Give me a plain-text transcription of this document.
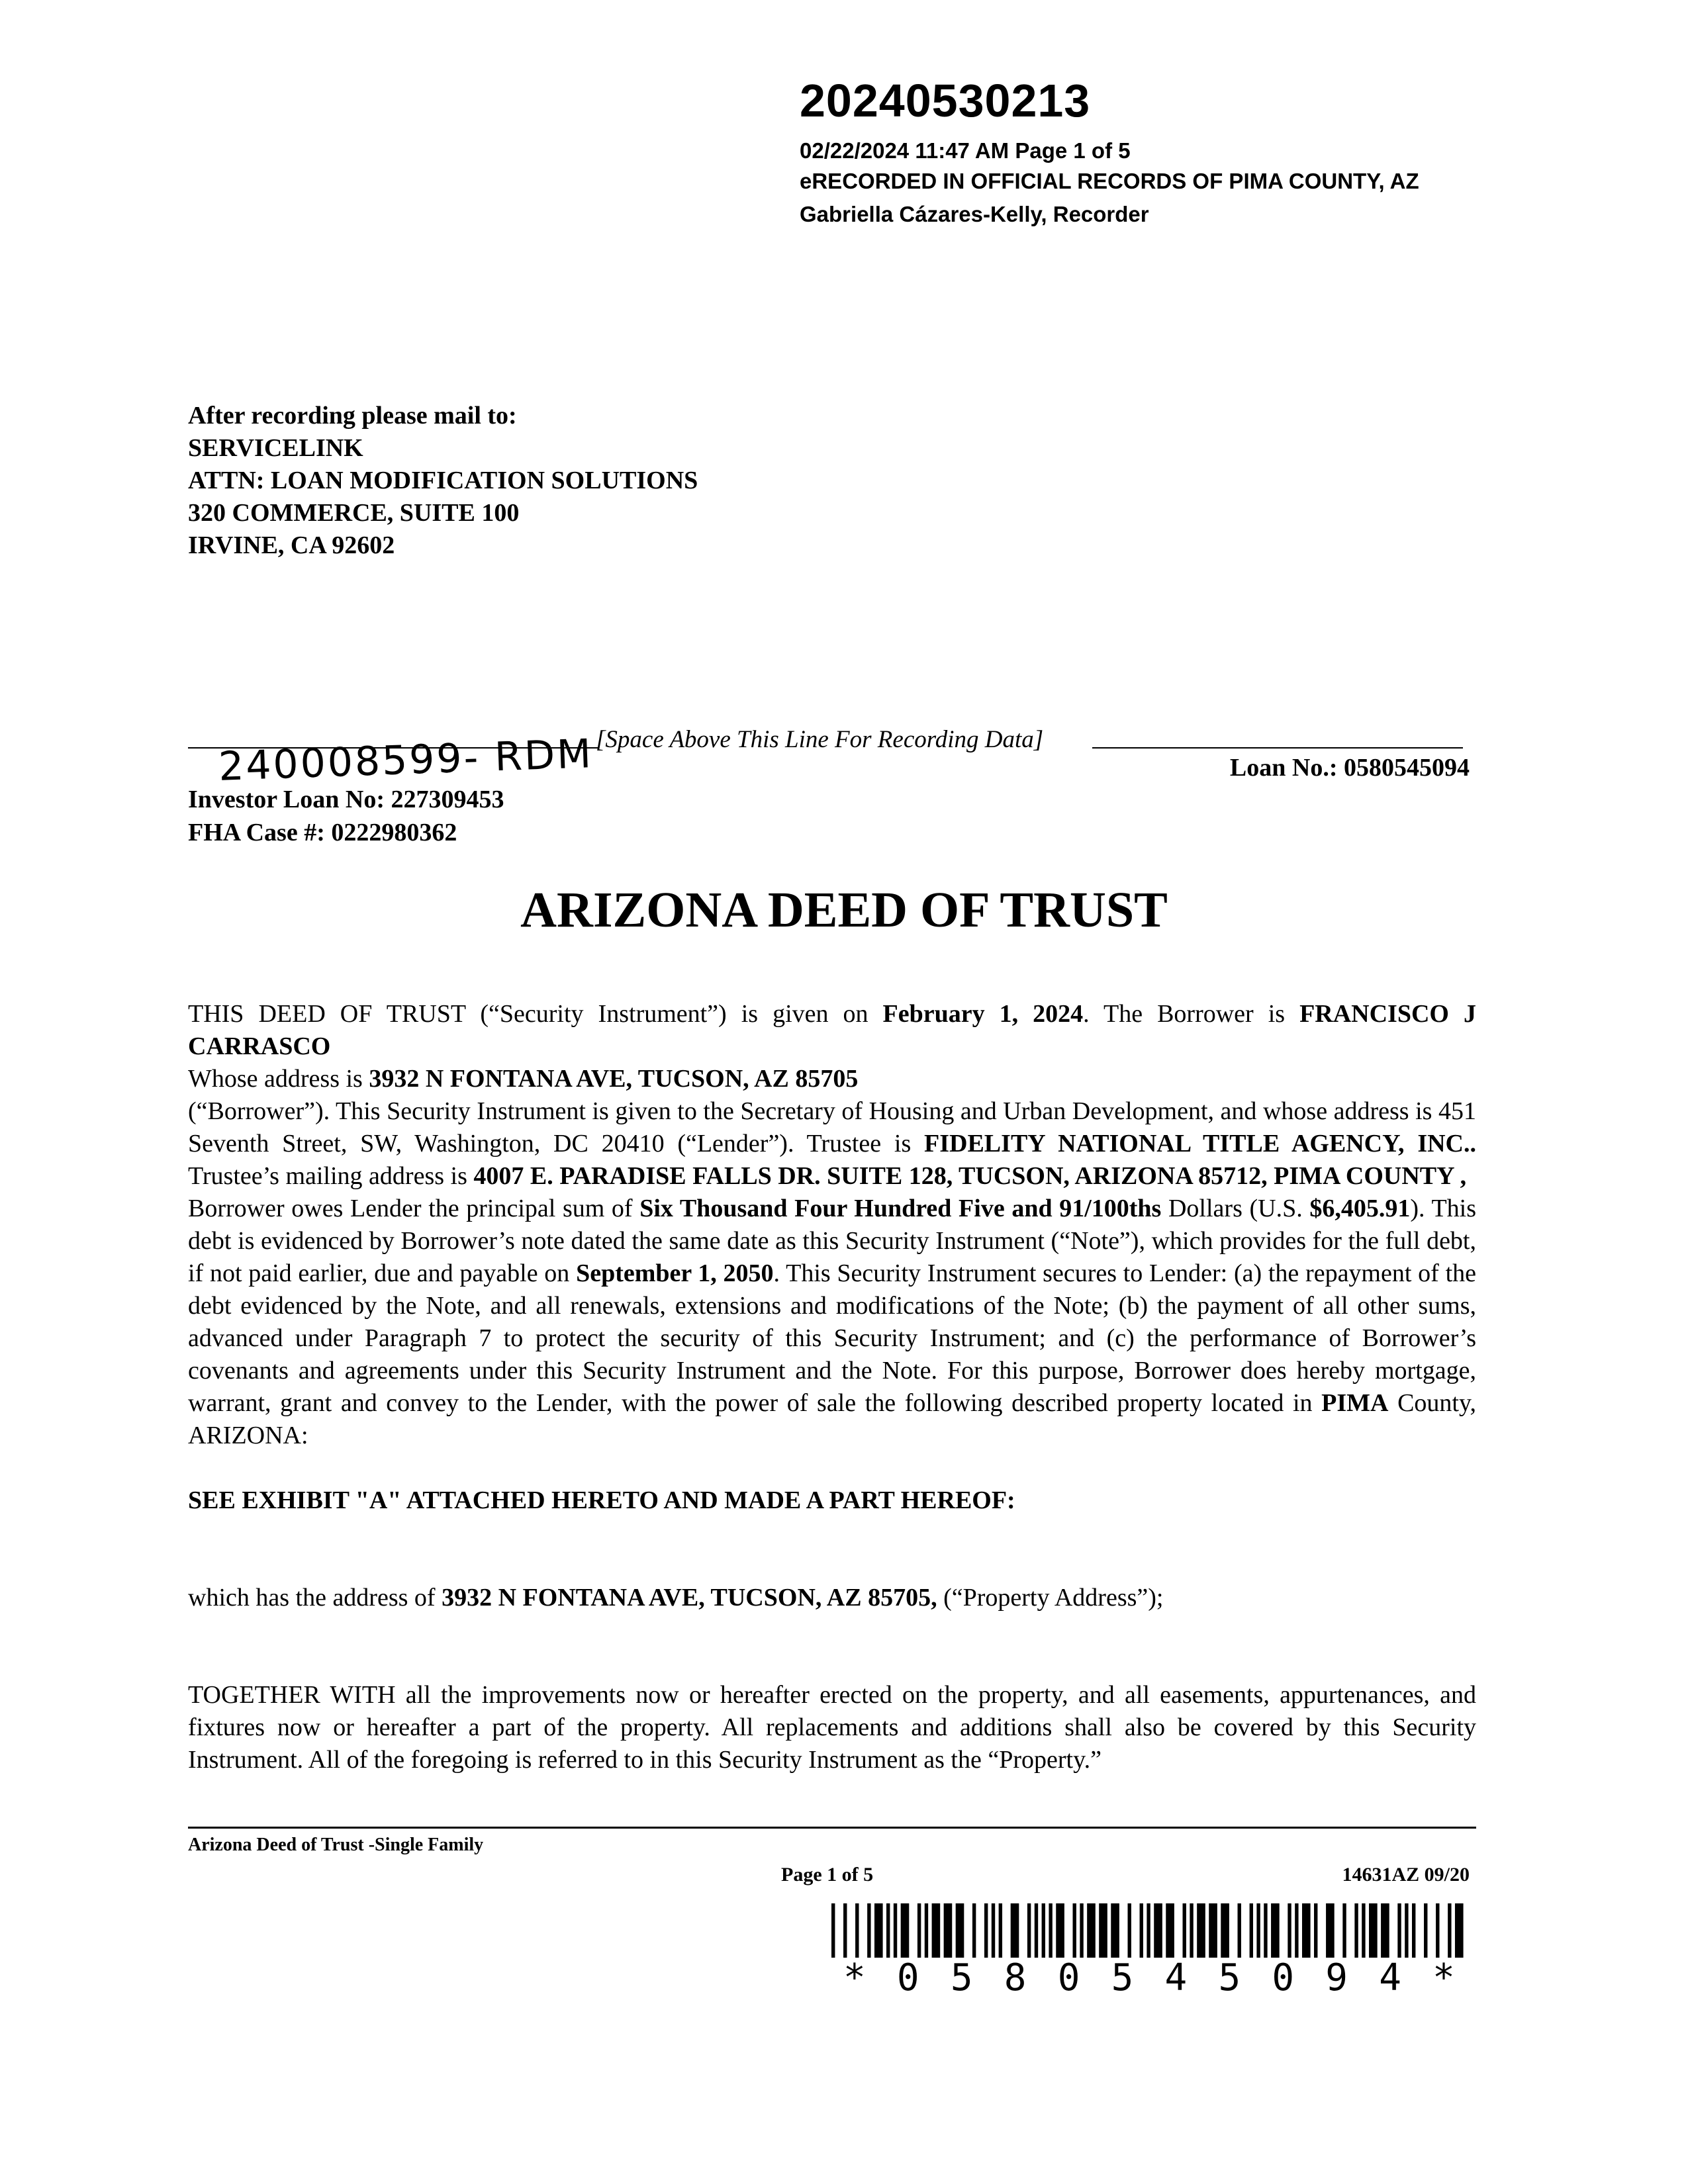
20240530213
02/22/2024 11:47 AM Page 1 of 5
eRECORDED IN OFFICIAL RECORDS OF PIMA COUNTY, AZ
Gabriella Cázares-Kelly, Recorder
After recording please mail to:
SERVICELINK
ATTN: LOAN MODIFICATION SOLUTIONS
320 COMMERCE, SUITE 100
IRVINE, CA 92602
[Space Above This Line For Recording Data]
240008599- RDM	Loan No.: 0580545094
Investor Loan No: 227309453
FHA Case #: 0222980362
ARIZONA DEED OF TRUST

THIS DEED OF TRUST (“Security Instrument”) is given on February 1, 2024. The Borrower is FRANCISCO J CARRASCO

Whose address is 3932 N FONTANA AVE, TUCSON, AZ 85705

(“Borrower”). This Security Instrument is given to the Secretary of Housing and Urban Development, and whose address is 451 Seventh Street, SW, Washington, DC 20410 (“Lender”). Trustee is FIDELITY NATIONAL TITLE AGENCY, INC.. Trustee’s mailing address is 4007 E. PARADISE FALLS DR. SUITE 128, TUCSON, ARIZONA 85712, PIMA COUNTY ,

Borrower owes Lender the principal sum of Six Thousand Four Hundred Five and 91/100ths Dollars (U.S. $6,405.91). This debt is evidenced by Borrower’s note dated the same date as this Security Instrument (“Note”), which provides for the full debt, if not paid earlier, due and payable on September 1, 2050. This Security Instrument secures to Lender: (a) the repayment of the debt evidenced by the Note, and all renewals, extensions and modifications of the Note; (b) the payment of all other sums, advanced under Paragraph 7 to protect the security of this Security Instrument; and (c) the performance of Borrower’s covenants and agreements under this Security Instrument and the Note. For this purpose, Borrower does hereby mortgage, warrant, grant and convey to the Lender, with the power of sale the following described property located in PIMA County, ARIZONA:

SEE EXHIBIT "A" ATTACHED HERETO AND MADE A PART HEREOF:

which has the address of 3932 N FONTANA AVE, TUCSON, AZ 85705, (“Property Address”);

TOGETHER WITH all the improvements now or hereafter erected on the property, and all easements, appurtenances, and fixtures now or hereafter a part of the property. All replacements and additions shall also be covered by this Security Instrument. All of the foregoing is referred to in this Security Instrument as the “Property.”

Arizona Deed of Trust -Single Family
Page 1 of 5	14631AZ 09/20
* 0 5 8 0 5 4 5 0 9 4 *
